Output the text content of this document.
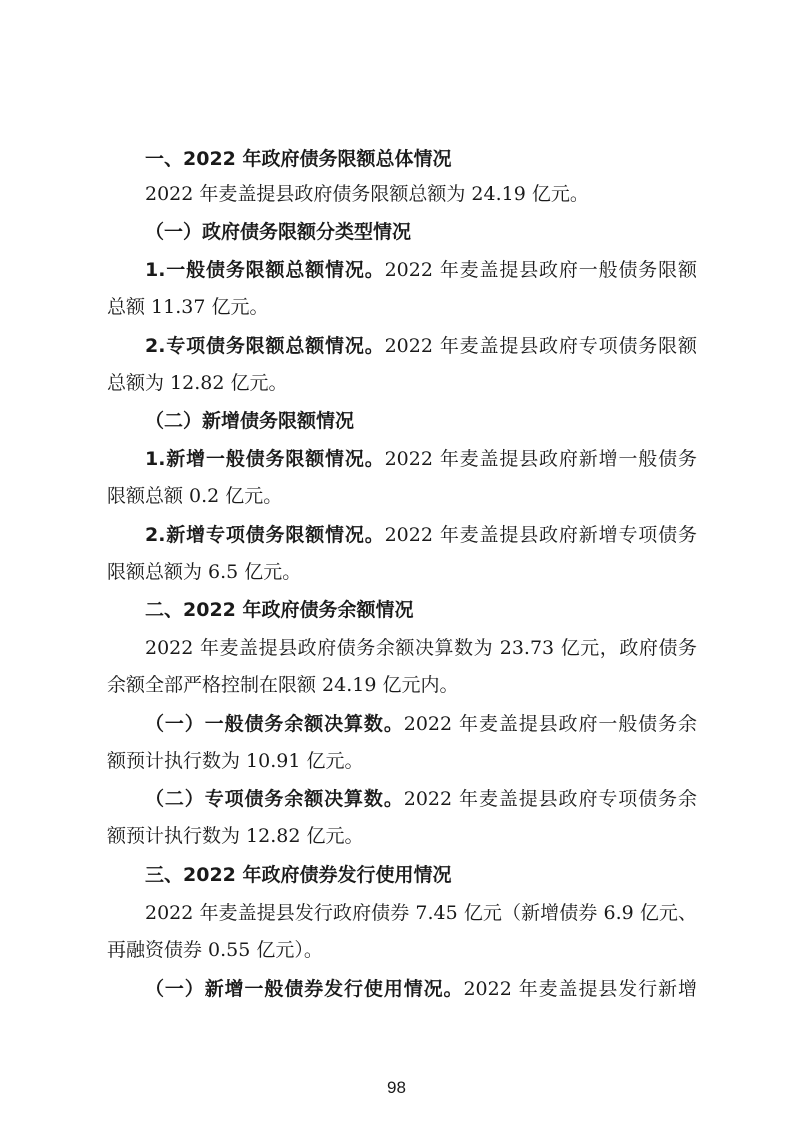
一、2022 年政府债务限额总体情况
2022 年麦盖提县政府债务限额总额为 24.19 亿元。
（一）政府债务限额分类型情况
1.一般债务限额总额情况。2022 年麦盖提县政府一般债务限额
总额 11.37 亿元。
2.专项债务限额总额情况。2022 年麦盖提县政府专项债务限额
总额为 12.82 亿元。
（二）新增债务限额情况
1.新增一般债务限额情况。2022 年麦盖提县政府新增一般债务
限额总额 0.2 亿元。
2.新增专项债务限额情况。2022 年麦盖提县政府新增专项债务
限额总额为 6.5 亿元。
二、2022 年政府债务余额情况
2022 年麦盖提县政府债务余额决算数为 23.73 亿元，政府债务
余额全部严格控制在限额 24.19 亿元内。
（一）一般债务余额决算数。2022 年麦盖提县政府一般债务余
额预计执行数为 10.91 亿元。
（二）专项债务余额决算数。2022 年麦盖提县政府专项债务余
额预计执行数为 12.82 亿元。
三、2022 年政府债券发行使用情况
2022 年麦盖提县发行政府债券 7.45 亿元（新增债券 6.9 亿元、
再融资债券 0.55 亿元）。
（一）新增一般债券发行使用情况。2022 年麦盖提县发行新增
98
